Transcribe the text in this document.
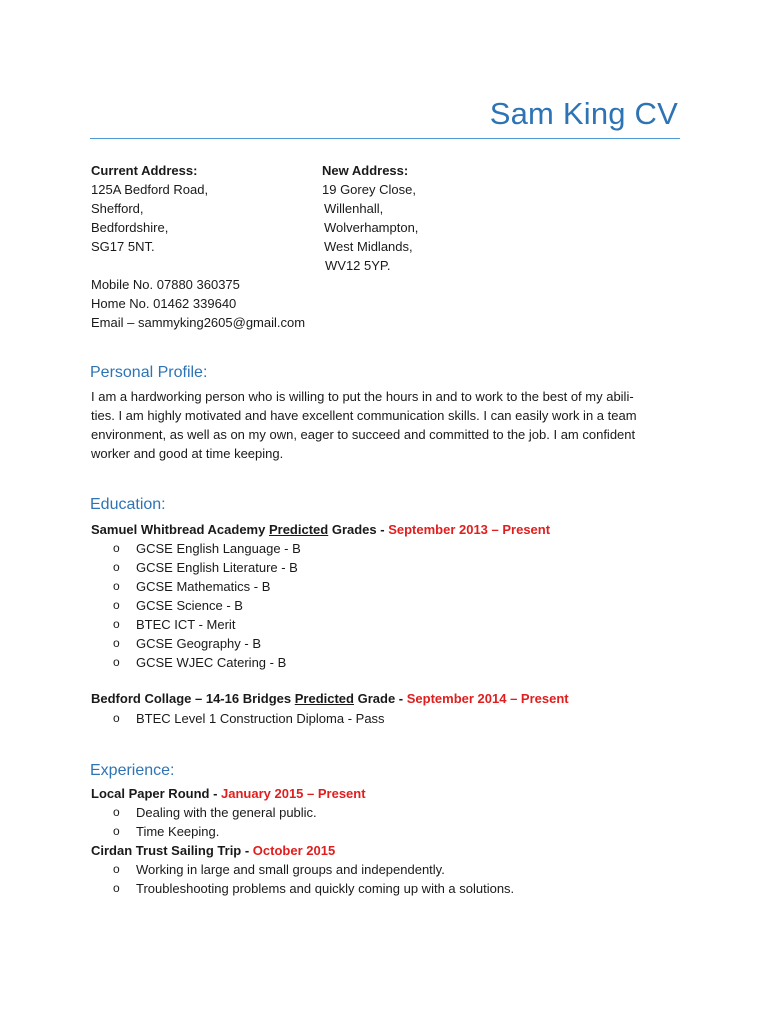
Sam King CV
Current Address:
125A Bedford Road,
Shefford,
Bedfordshire,
SG17 5NT.
New Address:
19 Gorey Close,
Willenhall,
Wolverhampton,
West Midlands,
WV12 5YP.
Mobile No. 07880 360375
Home No. 01462 339640
Email – sammyking2605@gmail.com
Personal Profile:
I am a hardworking person who is willing to put the hours in and to work to the best of my abili-
ties. I am highly motivated and have excellent communication skills. I can easily work in a team
environment, as well as on my own, eager to succeed and committed to the job. I am confident
worker and good at time keeping.
Education:
Samuel Whitbread Academy Predicted Grades - September 2013 – Present
o GCSE English Language - B
o GCSE English Literature - B
o GCSE Mathematics - B
o GCSE Science - B
o BTEC ICT - Merit
o GCSE Geography - B
o GCSE WJEC Catering - B
Bedford Collage – 14-16 Bridges Predicted Grade - September 2014 – Present
o BTEC Level 1 Construction Diploma - Pass
Experience:
Local Paper Round - January 2015 – Present
o Dealing with the general public.
o Time Keeping.
Cirdan Trust Sailing Trip - October 2015
o Working in large and small groups and independently.
o Troubleshooting problems and quickly coming up with a solutions.
